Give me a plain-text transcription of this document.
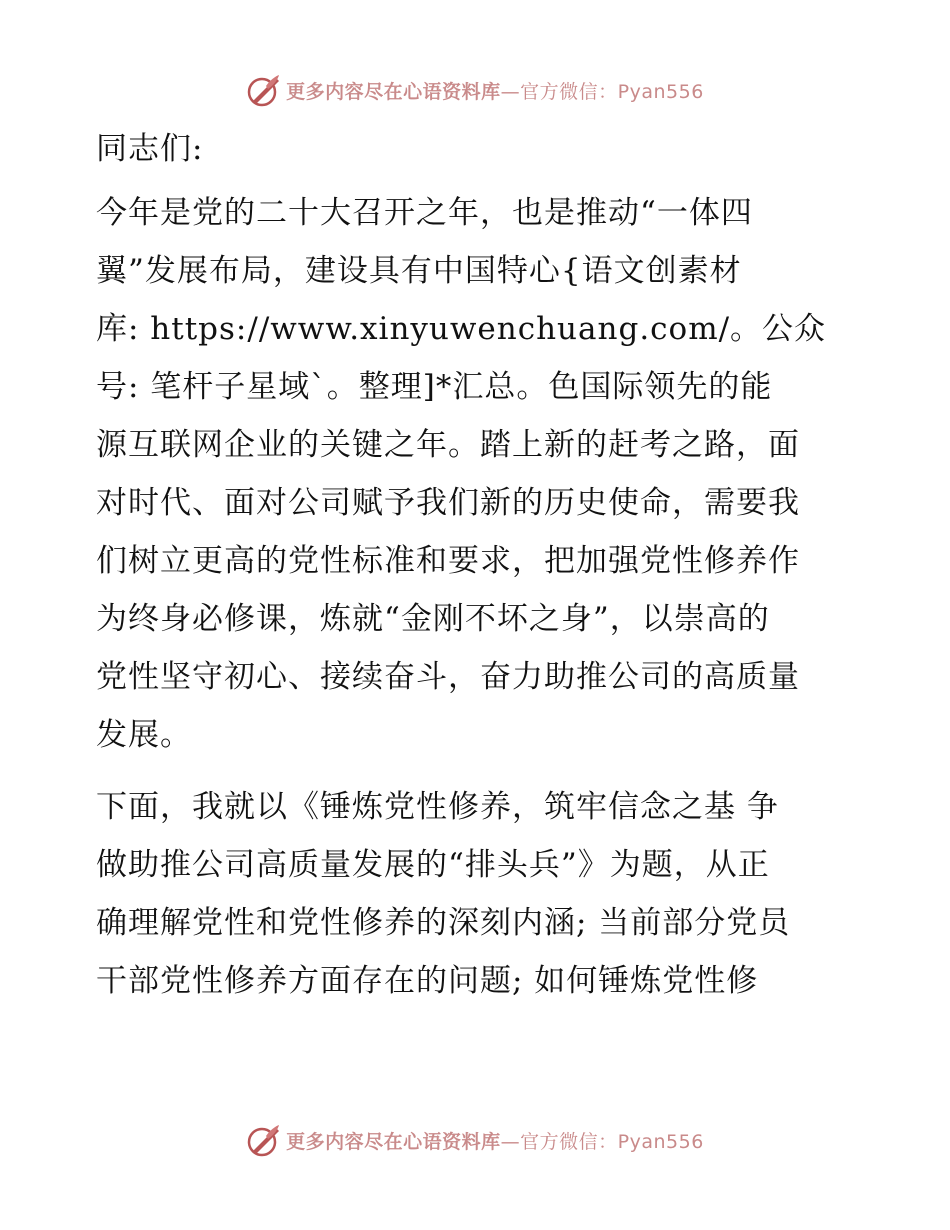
更多内容尽在心语资料库—官方微信：Pyan556

同志们:

今年是党的二十大召开之年，也是推动“一体四
翼”发展布局，建设具有中国特心{语文创素材
库: https://www.xinyuwenchuang.com/。公众
号: 笔杆子星域`。整理]*汇总。色国际领先的能
源互联网企业的关键之年。踏上新的赶考之路，面
对时代、面对公司赋予我们新的历史使命，需要我
们树立更高的党性标准和要求，把加强党性修养作
为终身必修课，炼就“金刚不坏之身”，以崇高的
党性坚守初心、接续奋斗，奋力助推公司的高质量
发展。

下面，我就以《锤炼党性修养，筑牢信念之基 争
做助推公司高质量发展的“排头兵”》为题，从正
确理解党性和党性修养的深刻内涵; 当前部分党员
干部党性修养方面存在的问题; 如何锤炼党性修

更多内容尽在心语资料库—官方微信：Pyan556
